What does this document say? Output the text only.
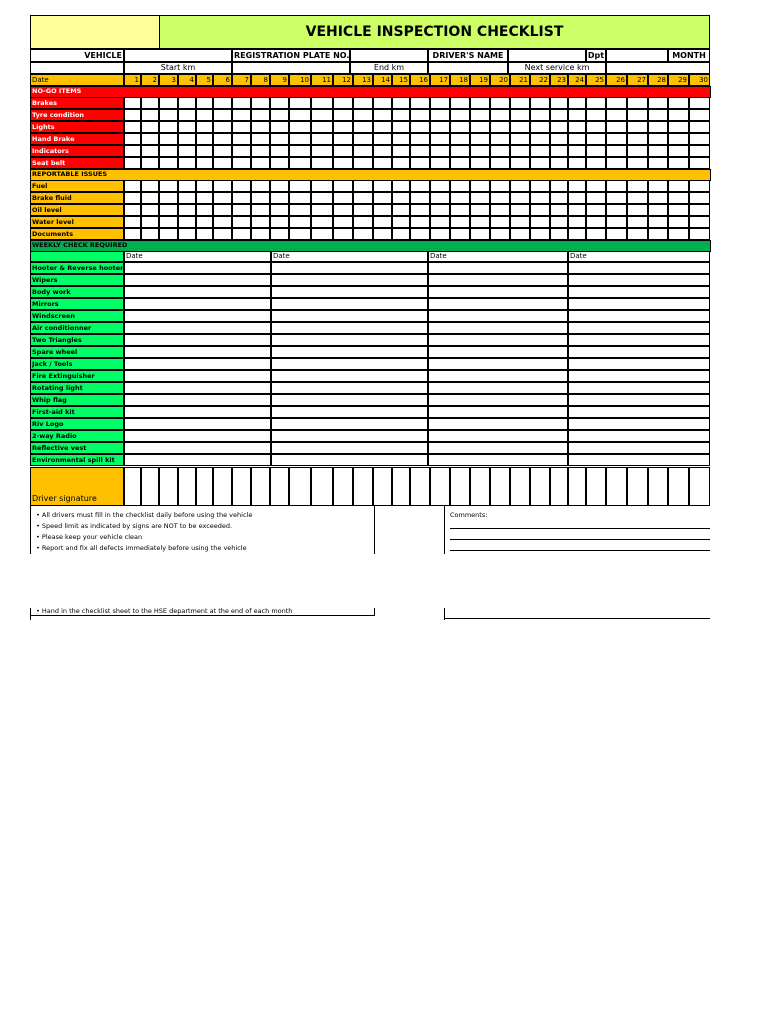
VEHICLE INSPECTION CHECKLIST
VEHICLE	REGISTRATION PLATE NO.	DRIVER'S NAME	Dpt	MONTH
Start km	End km	Next service km
Date	1	2	3	4	5	6	7	8	9	10	11	12	13	14	15	16	17	18	19	20	21	22	23	24	25	26	27	28	29	30
NO-GO ITEMS
Brakes
Tyre condition
Lights
Hand Brake
Indicators
Seat belt
REPORTABLE ISSUES
Fuel
Brake fluid
Oil level
Water level
Documents
WEEKLY CHECK REQUIRED
Date	Date	Date	Date
Hooter & Reverse hooter
Wipers
Body work
Mirrors
Windscreen
Air conditionner
Two Triangles
Spare wheel
Jack / Tools
Fire Extinguisher
Rotating light
Whip flag
First-aid kit
Riv Logo
2-way Radio
Reflective vest
Environmental spill kit
Driver signature
• All drivers must fill in the checklist daily before using the vehicle
• Speed limit as indicated by signs are NOT to be exceeded.
• Please keep your vehicle clean
• Report and fix all defects immediately before using the vehicle
Comments:
• Hand in the checklist sheet to the HSE department at the end of each month
